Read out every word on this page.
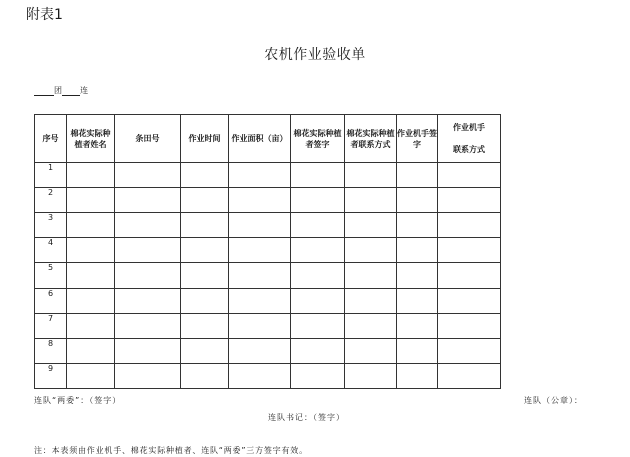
附表1
农机作业验收单
团 连
序号	棉花实际种植者姓名	条田号	作业时间	作业面积（亩）	棉花实际种植者签字	棉花实际种植者联系方式	作业机手签字	作业机手

联系方式
1								
2								
3								
4								
5								
6								
7								
8								
9								
连队“两委”：（签字）	连队（公章）：
连队书记：（签字）
注：本表须由作业机手、棉花实际种植者、连队“两委”三方签字有效。
